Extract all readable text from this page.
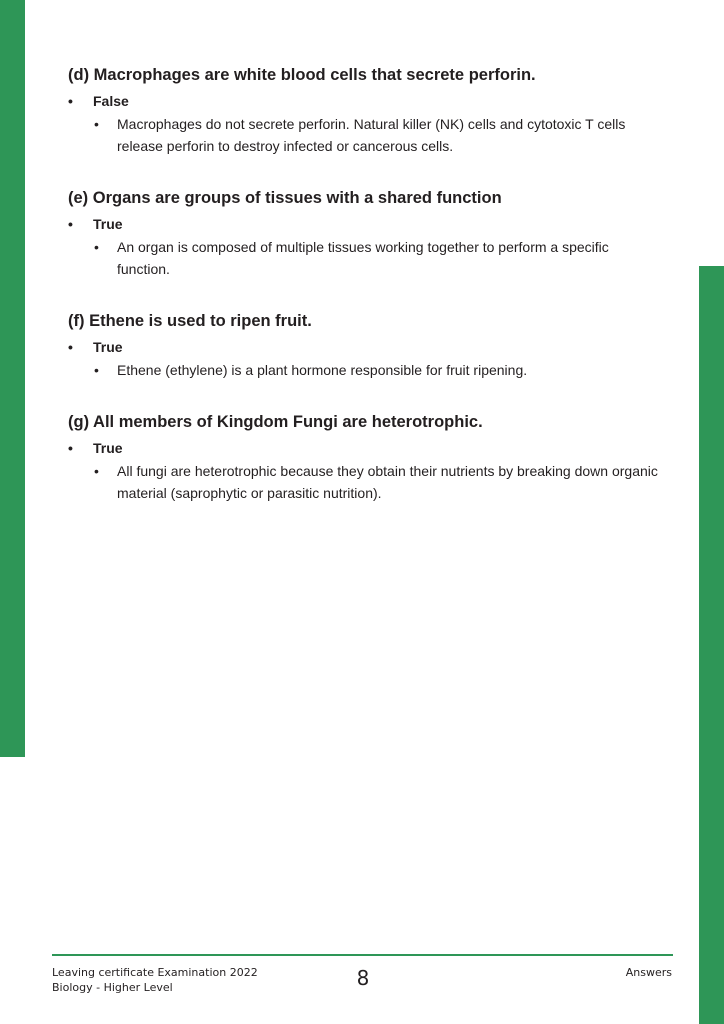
(d) Macrophages are white blood cells that secrete perforin.
• False
• Macrophages do not secrete perforin. Natural killer (NK) cells and cytotoxic T cells release perforin to destroy infected or cancerous cells.
(e) Organs are groups of tissues with a shared function
• True
• An organ is composed of multiple tissues working together to perform a specific function.
(f) Ethene is used to ripen fruit.
• True
• Ethene (ethylene) is a plant hormone responsible for fruit ripening.
(g) All members of Kingdom Fungi are heterotrophic.
• True
• All fungi are heterotrophic because they obtain their nutrients by breaking down organic material (saprophytic or parasitic nutrition).
Leaving certificate Examination 2022
Biology - Higher Level	8	Answers
